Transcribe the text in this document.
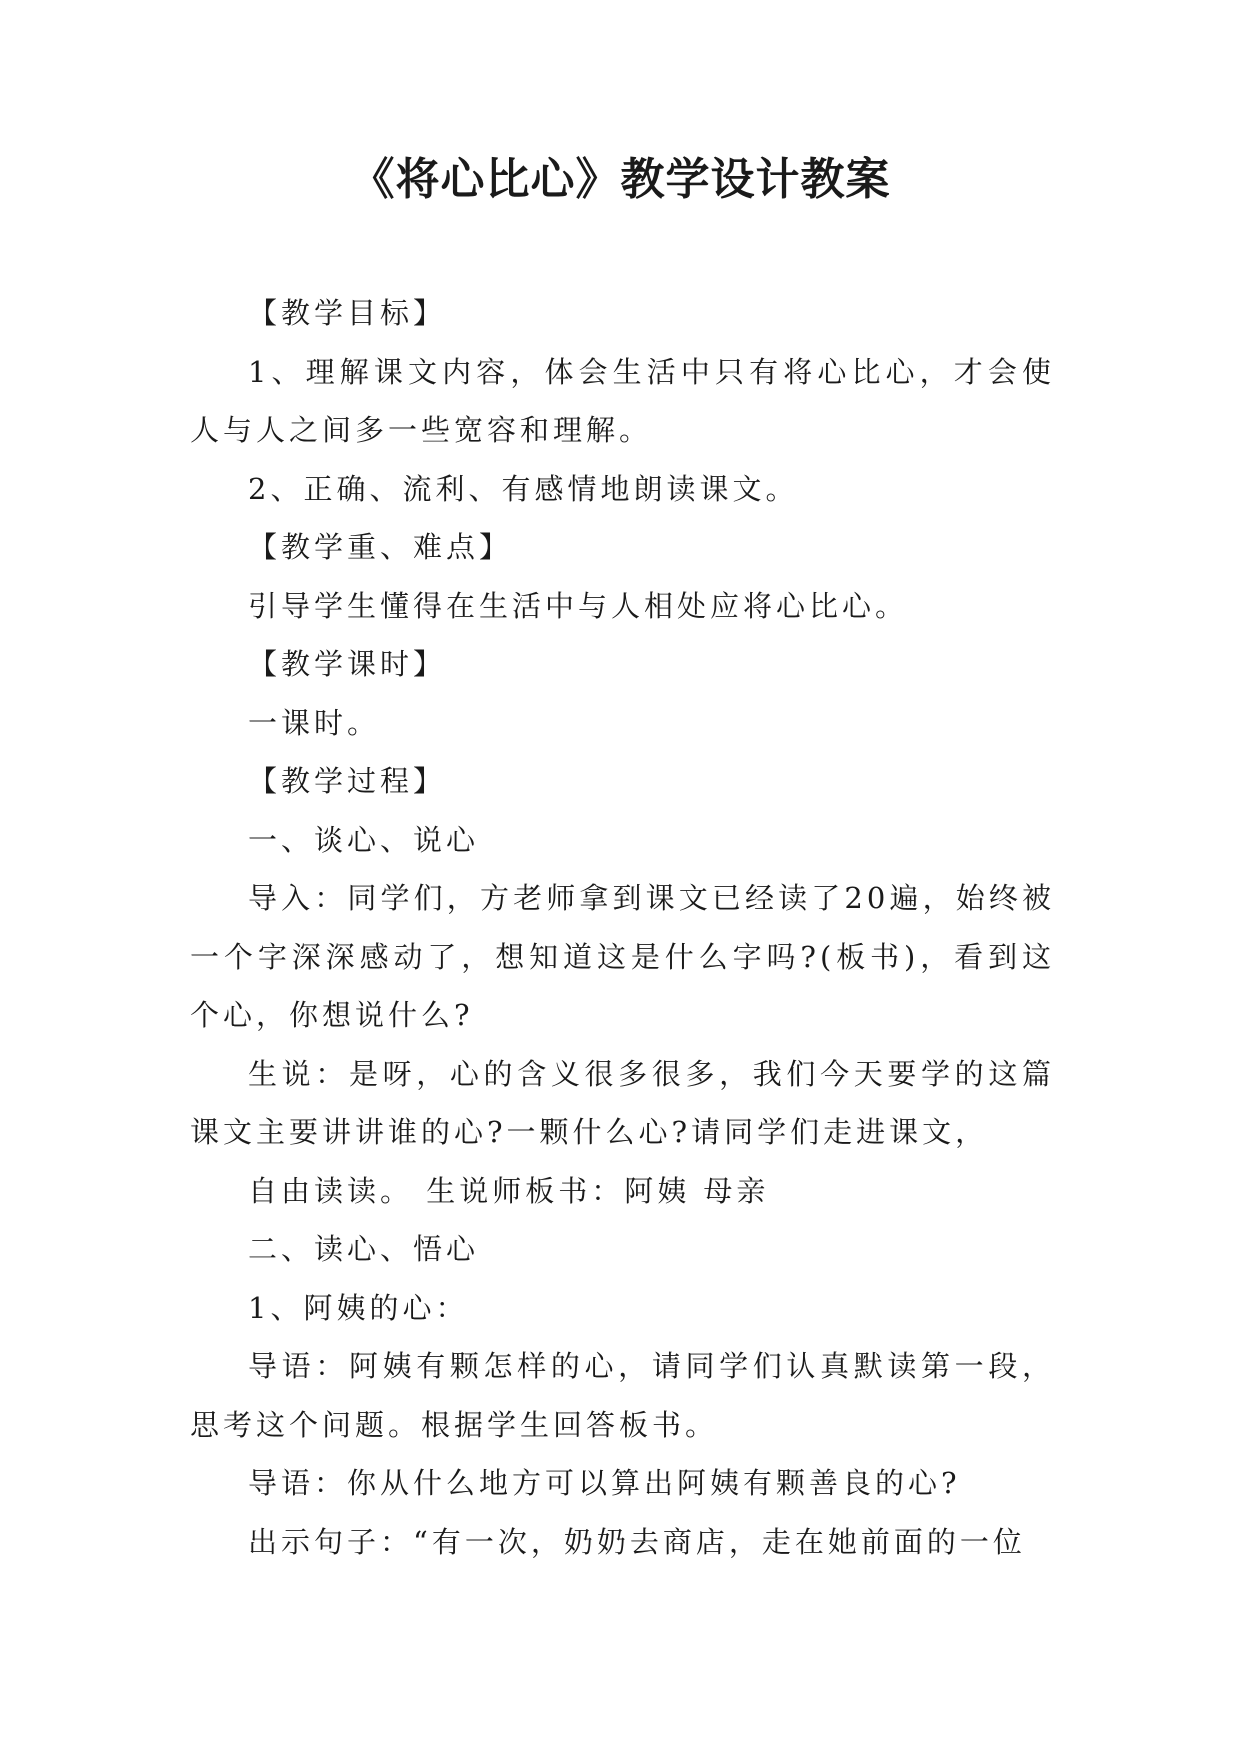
《将心比心》教学设计教案

【教学目标】

1、理解课文内容，体会生活中只有将心比心，才会使人与人之间多一些宽容和理解。

2、正确、流利、有感情地朗读课文。

【教学重、难点】

引导学生懂得在生活中与人相处应将心比心。

【教学课时】

一课时。

【教学过程】

一、谈心、说心

导入：同学们，方老师拿到课文已经读了20遍，始终被一个字深深感动了，想知道这是什么字吗?(板书)，看到这个心，你想说什么?

生说：是呀，心的含义很多很多，我们今天要学的这篇课文主要讲讲谁的心?一颗什么心?请同学们走进课文，

自由读读。 生说师板书：阿姨 母亲

二、读心、悟心

1、阿姨的心：

导语：阿姨有颗怎样的心，请同学们认真默读第一段，思考这个问题。根据学生回答板书。

导语：你从什么地方可以算出阿姨有颗善良的心?

出示句子：“有一次，奶奶去商店，走在她前面的一位
